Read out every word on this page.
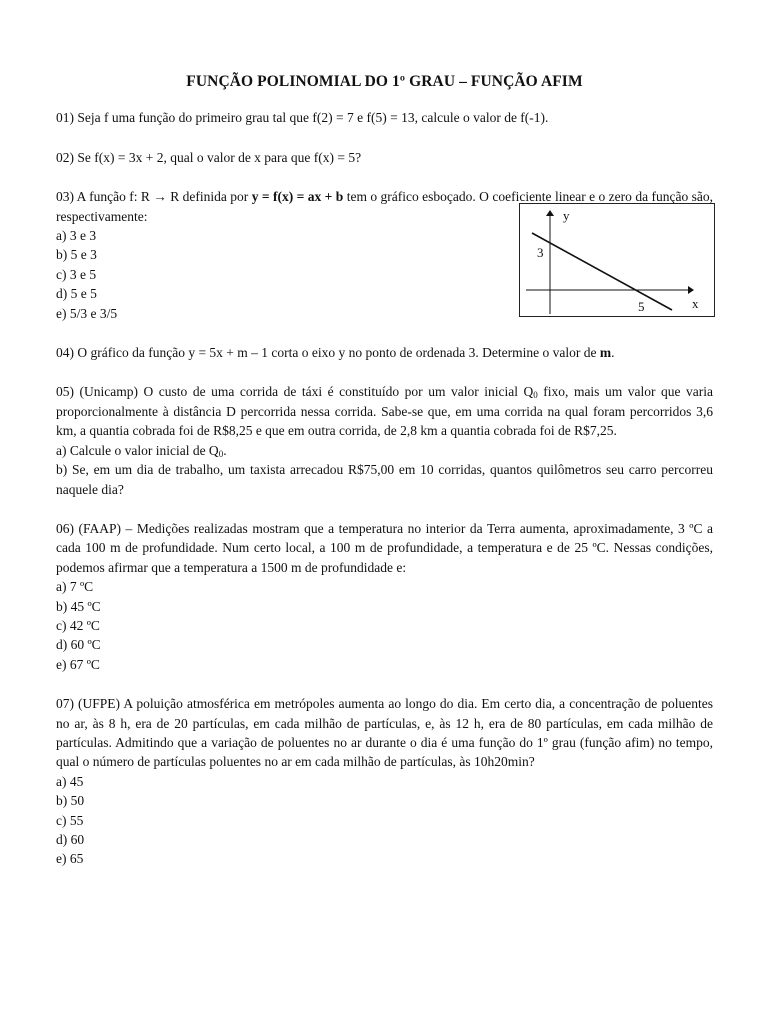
FUNÇÃO POLINOMIAL DO 1º GRAU – FUNÇÃO AFIM
01) Seja f uma função do primeiro grau tal que f(2) = 7 e f(5) = 13, calcule o valor de f(-1).
02) Se f(x) = 3x + 2, qual o valor de x para que f(x) = 5?
03) A função f: R → R definida por y = f(x) = ax + b tem o gráfico esboçado. O coeficiente linear e o zero da função são, respectivamente:
a) 3 e 3
b) 5 e 3
c) 3 e 5
d) 5 e 5
e) 5/3 e 3/5
y
x
3
5
04) O gráfico da função y = 5x + m – 1 corta o eixo y no ponto de ordenada 3. Determine o valor de m.
05) (Unicamp) O custo de uma corrida de táxi é constituído por um valor inicial $Q_0$ fixo, mais um valor que varia proporcionalmente à distância D percorrida nessa corrida. Sabe-se que, em uma corrida na qual foram percorridos 3,6 km, a quantia cobrada foi de R$8,25 e que em outra corrida, de 2,8 km a quantia cobrada foi de R$7,25.
a) Calcule o valor inicial de $Q_0$.
b) Se, em um dia de trabalho, um taxista arrecadou R$75,00 em 10 corridas, quantos quilômetros seu carro percorreu naquele dia?
06) (FAAP) – Medições realizadas mostram que a temperatura no interior da Terra aumenta, aproximadamente, 3 ºC a cada 100 m de profundidade. Num certo local, a 100 m de profundidade, a temperatura e de 25 ºC. Nessas condições, podemos afirmar que a temperatura a 1500 m de profundidade e:
a) 7 ºC
b) 45 ºC
c) 42 ºC
d) 60 ºC
e) 67 ºC
07) (UFPE) A poluição atmosférica em metrópoles aumenta ao longo do dia. Em certo dia, a concentração de poluentes no ar, às 8 h, era de 20 partículas, em cada milhão de partículas, e, às 12 h, era de 80 partículas, em cada milhão de partículas. Admitindo que a variação de poluentes no ar durante o dia é uma função do 1º grau (função afim) no tempo, qual o número de partículas poluentes no ar em cada milhão de partículas, às 10h20min?
a) 45
b) 50
c) 55
d) 60
e) 65
